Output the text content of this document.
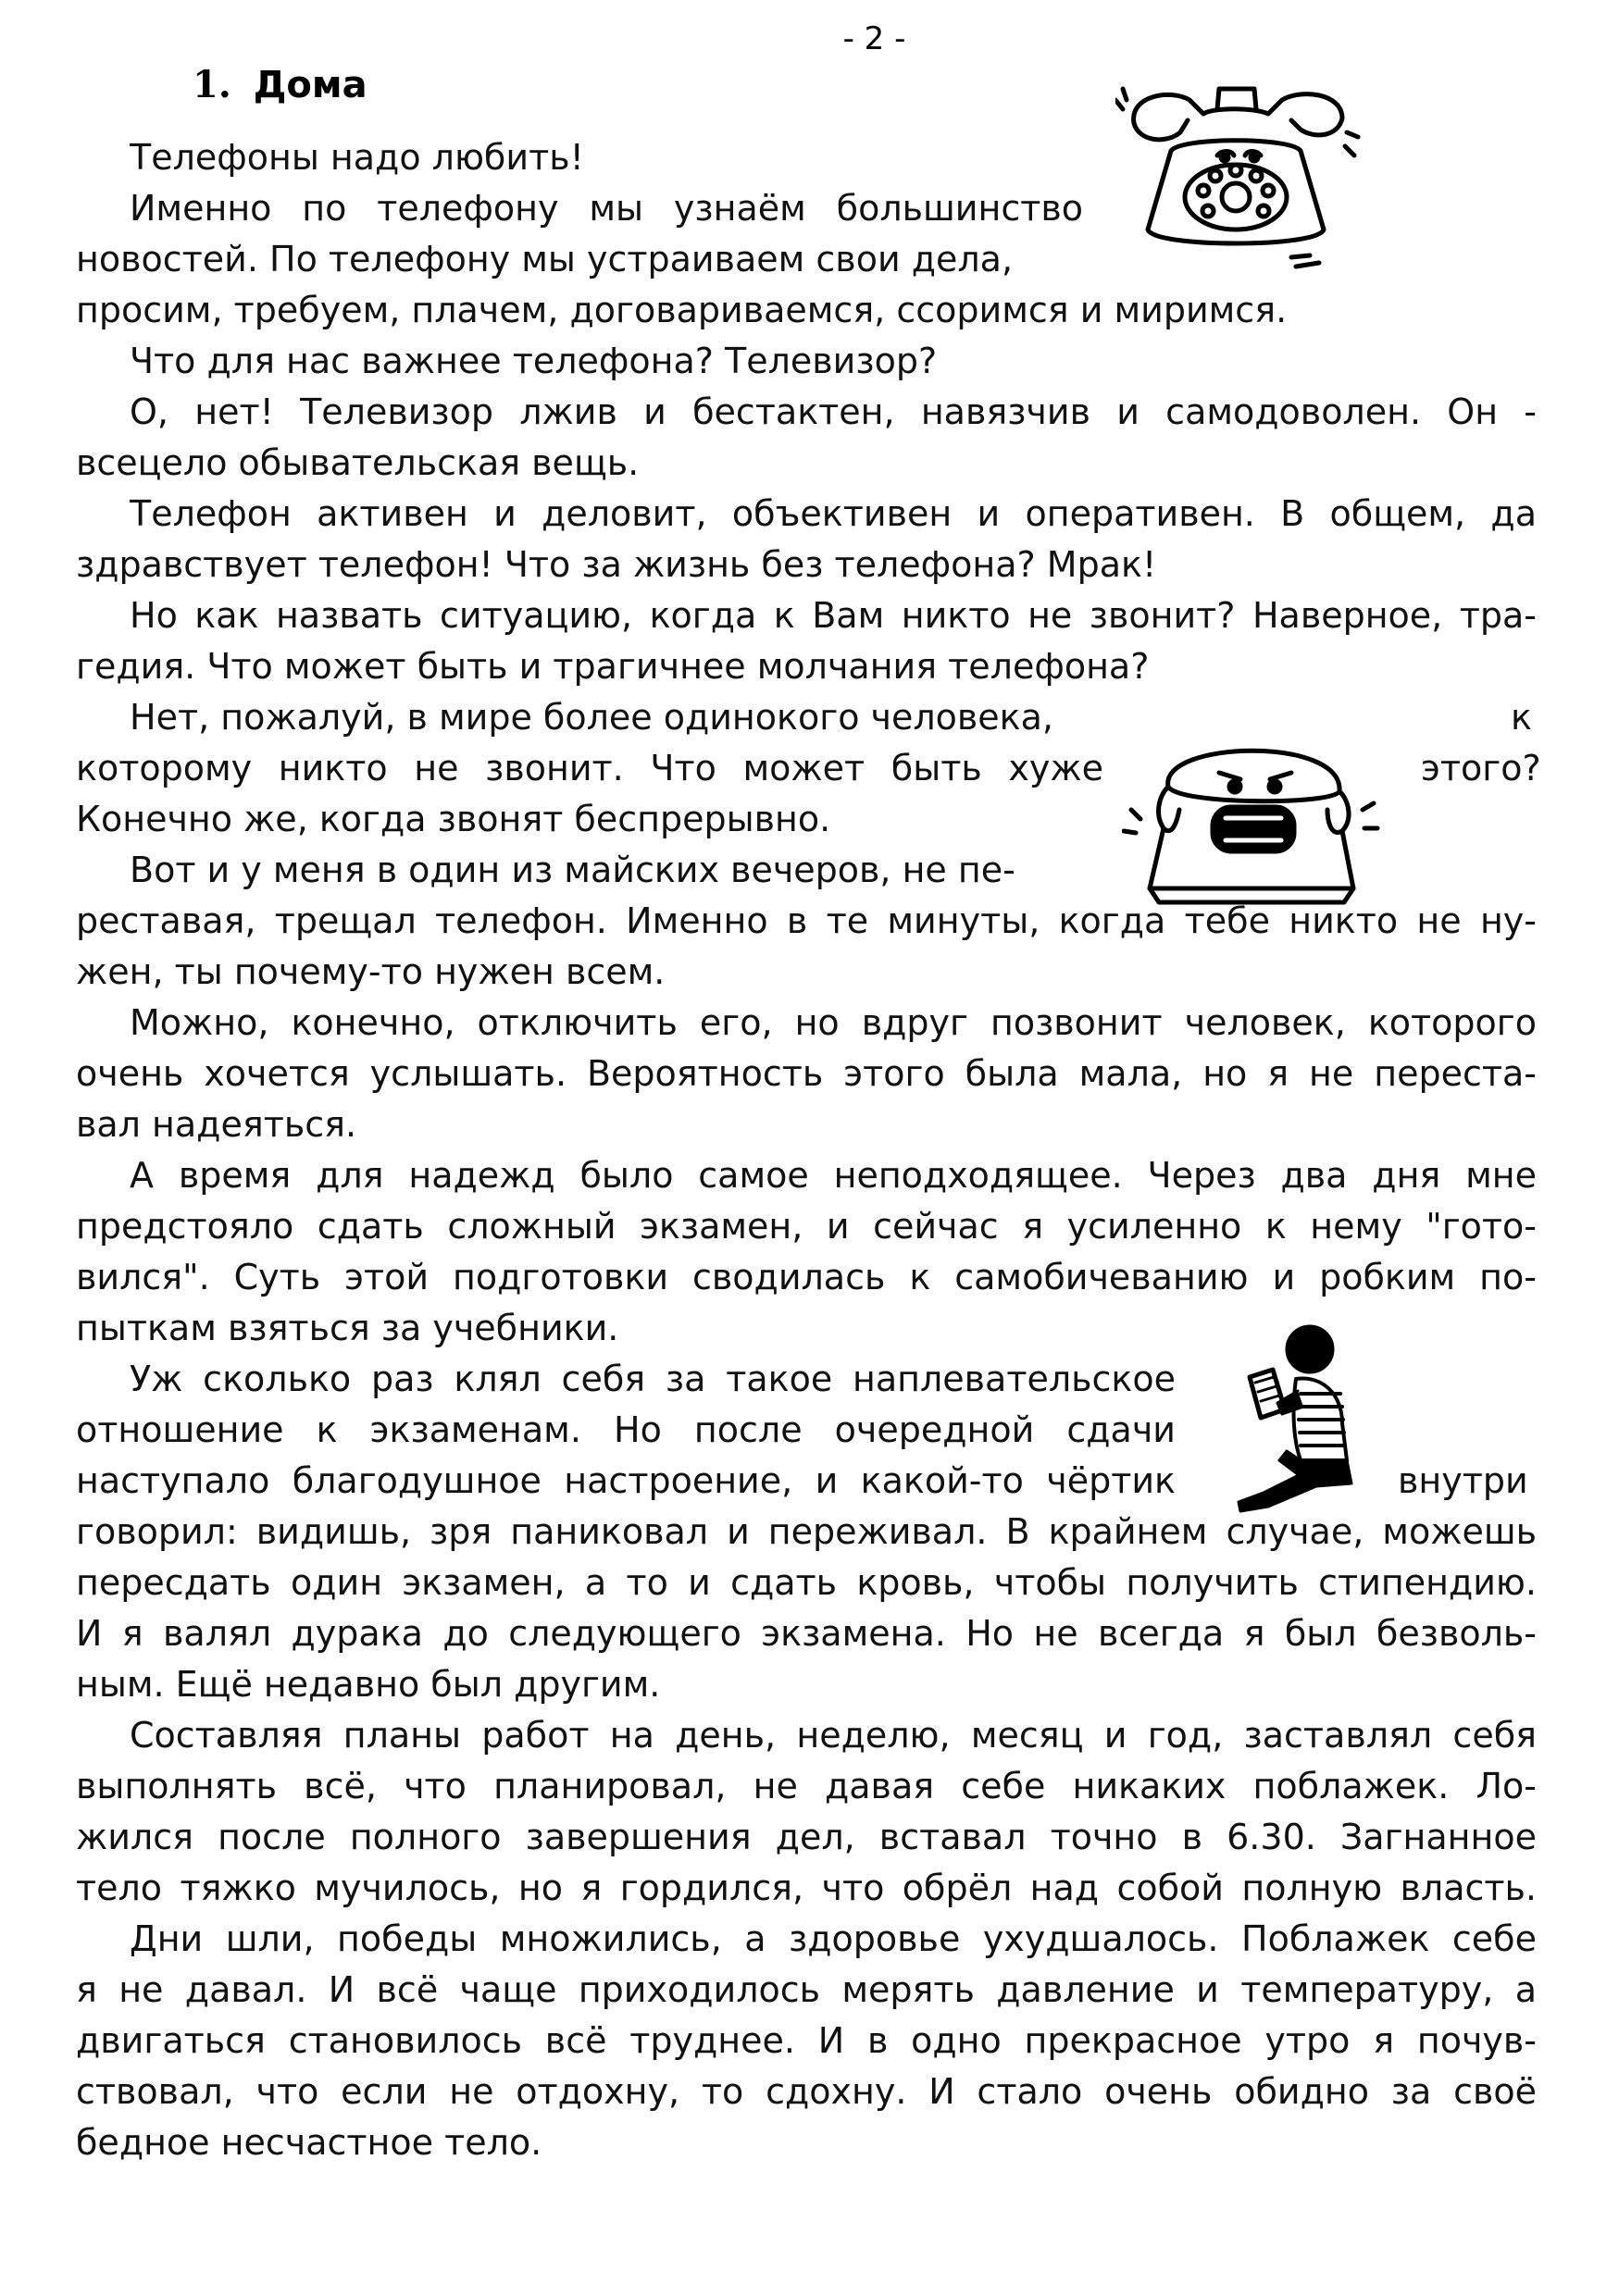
- 2 -
1. Дома
Телефоны надо любить!
Именно по телефону мы узнаём большинство
новостей. По телефону мы устраиваем свои дела,
просим, требуем, плачем, договариваемся, ссоримся и миримся.
Что для нас важнее телефона? Телевизор?
О, нет! Телевизор лжив и бестактен, навязчив и самодоволен. Он -
всецело обывательская вещь.
Телефон активен и деловит, объективен и оперативен. В общем, да
здравствует телефон! Что за жизнь без телефона? Мрак!
Но как назвать ситуацию, когда к Вам никто не звонит? Наверное, тра-
гедия. Что может быть и трагичнее молчания телефона?
Нет, пожалуй, в мире более одинокого человека,	к
которому никто не звонит. Что может быть хуже	этого?
Конечно же, когда звонят беспрерывно.
Вот и у меня в один из майских вечеров, не пе-
реставая, трещал телефон. Именно в те минуты, когда тебе никто не ну-
жен, ты почему-то нужен всем.
Можно, конечно, отключить его, но вдруг позвонит человек, которого
очень хочется услышать. Вероятность этого была мала, но я не переста-
вал надеяться.
А время для надежд было самое неподходящее. Через два дня мне
предстояло сдать сложный экзамен, и сейчас я усиленно к нему "гото-
вился". Суть этой подготовки сводилась к самобичеванию и робким по-
пыткам взяться за учебники.
Уж сколько раз клял себя за такое наплевательское
отношение к экзаменам. Но после очередной сдачи
наступало благодушное настроение, и какой-то чёртик	внутри
говорил: видишь, зря паниковал и переживал. В крайнем случае, можешь
пересдать один экзамен, а то и сдать кровь, чтобы получить стипендию.
И я валял дурака до следующего экзамена. Но не всегда я был безволь-
ным. Ещё недавно был другим.
Составляя планы работ на день, неделю, месяц и год, заставлял себя
выполнять всё, что планировал, не давая себе никаких поблажек. Ло-
жился после полного завершения дел, вставал точно в 6.30. Загнанное
тело тяжко мучилось, но я гордился, что обрёл над собой полную власть.
Дни шли, победы множились, а здоровье ухудшалось. Поблажек себе
я не давал. И всё чаще приходилось мерять давление и температуру, а
двигаться становилось всё труднее. И в одно прекрасное утро я почув-
ствовал, что если не отдохну, то сдохну. И стало очень обидно за своё
бедное несчастное тело.
